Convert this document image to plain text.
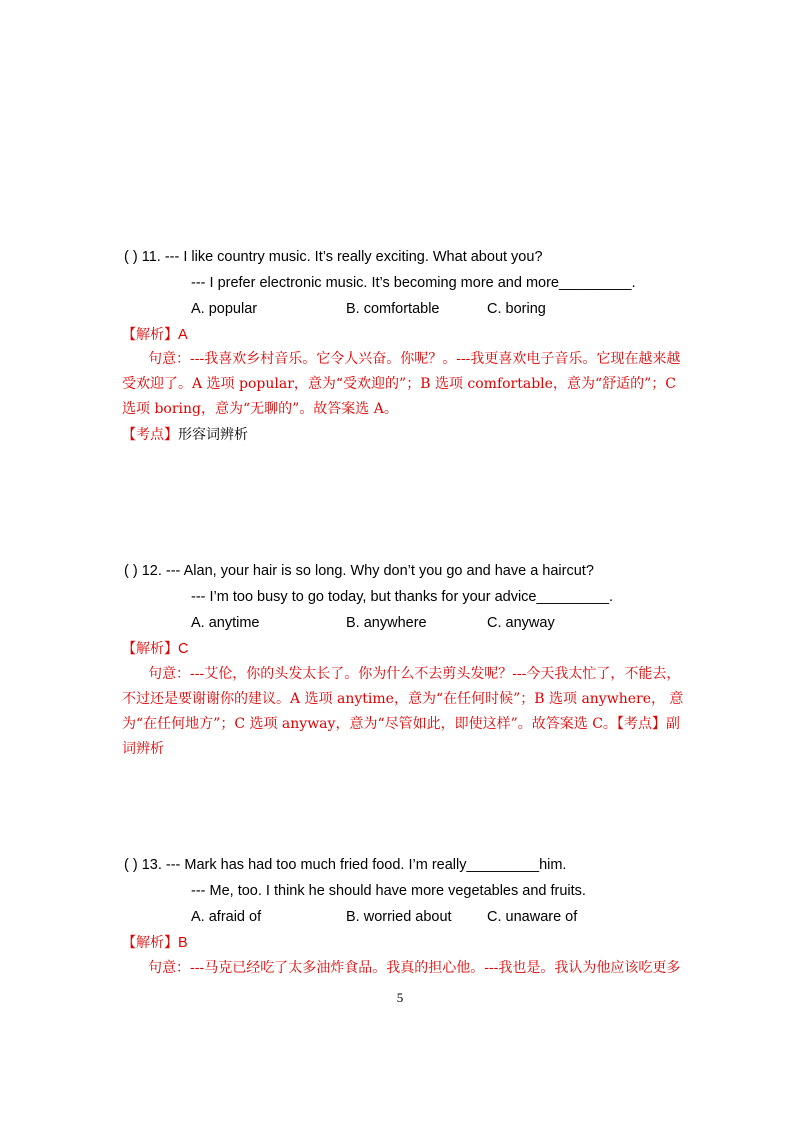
( ) 11. --- I like country music. It’s really exciting. What about you?
--- I prefer electronic music. It’s becoming more and more_________.
A. popular	B. comfortable	C. boring
【解析】A
句意：---我喜欢乡村音乐。它令人兴奋。你呢？。---我更喜欢电子音乐。它现在越来越
受欢迎了。A 选项 popular，意为“受欢迎的”；B 选项 comfortable，意为“舒适的”；C
选项 boring，意为“无聊的”。故答案选 A。
【考点】形容词辨析
( ) 12. --- Alan, your hair is so long. Why don’t you go and have a haircut?
--- I’m too busy to go today, but thanks for your advice_________.
A. anytime	B. anywhere	C. anyway
【解析】C
句意：---艾伦，你的头发太长了。你为什么不去剪头发呢？---今天我太忙了，不能去，
不过还是要谢谢你的建议。A 选项 anytime，意为“在任何时候”；B 选项 anywhere， 意
为“在任何地方”；C 选项 anyway，意为“尽管如此，即使这样”。故答案选 C。【考点】副
词辨析
( ) 13. --- Mark has had too much fried food. I’m really_________him.
--- Me, too. I think he should have more vegetables and fruits.
A. afraid of	B. worried about C. unaware of
【解析】B
句意：---马克已经吃了太多油炸食品。我真的担心他。---我也是。我认为他应该吃更多
5
